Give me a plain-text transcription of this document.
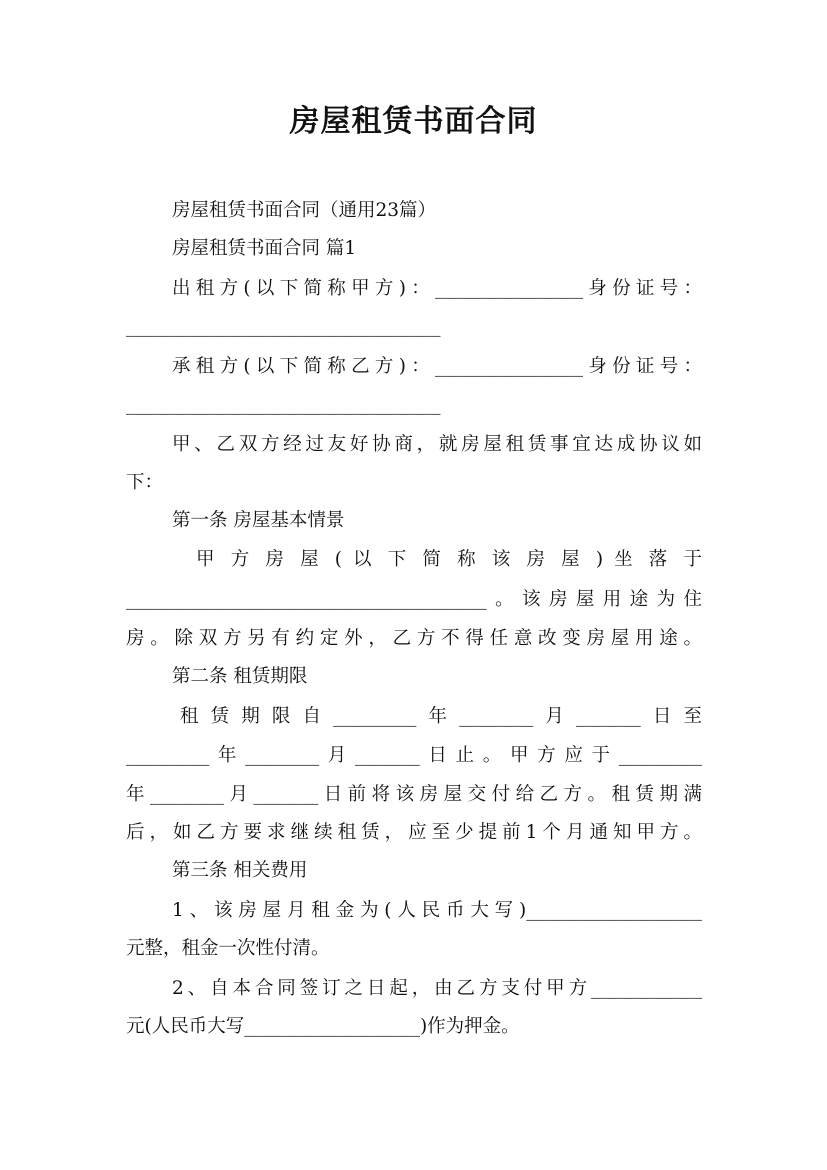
房屋租赁书面合同
房屋租赁书面合同（通用23篇）
房屋租赁书面合同 篇1
出租方(以下简称甲方)：________________身份证号：
__________________________________
承租方(以下简称乙方)：________________身份证号：
__________________________________
甲、乙双方经过友好协商，就房屋租赁事宜达成协议如
下：
第一条 房屋基本情景
甲 方 房 屋 ( 以 下 简 称 该 房 屋 ) 坐 落 于
_______________________________________。该房屋用途为住
房。除双方另有约定外，乙方不得任意改变房屋用途。
第二条 租赁期限
租赁期限自_________年________月_______日至
_________年________月_______日止。甲方应于_________
年________月_______日前将该房屋交付给乙方。租赁期满
后，如乙方要求继续租赁，应至少提前1个月通知甲方。
第三条 相关费用
1、该房屋月租金为(人民币大写)___________________
元整，租金一次性付清。
2、自本合同签订之日起，由乙方支付甲方____________
元(人民币大写___________________)作为押金。
